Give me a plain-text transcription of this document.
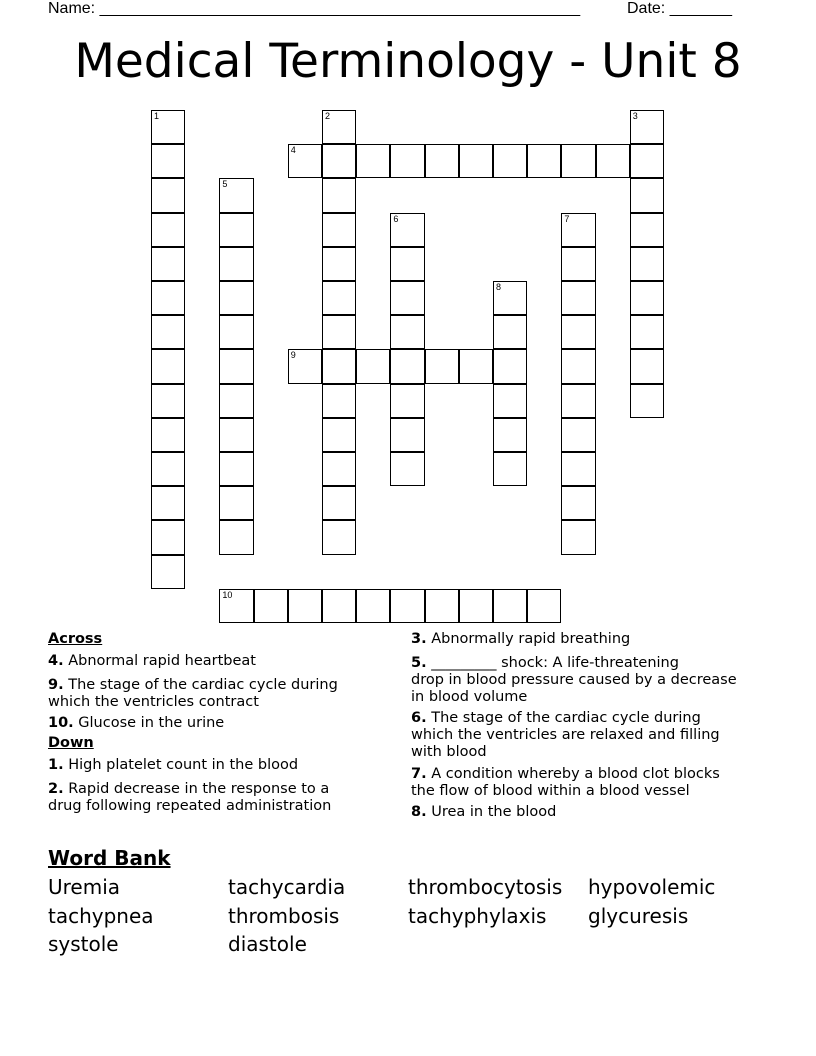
Name: ______________________________________________________	Date: _______
Medical Terminology - Unit 8
1	2	3
4
5
6	7
8
9
10
Across
4. Abnormal rapid heartbeat
9. The stage of the cardiac cycle during
which the ventricles contract
10. Glucose in the urine
Down
1. High platelet count in the blood
2. Rapid decrease in the response to a
drug following repeated administration
3. Abnormally rapid breathing
5. _________ shock: A life-threatening
drop in blood pressure caused by a decrease
in blood volume
6. The stage of the cardiac cycle during
which the ventricles are relaxed and filling
with blood
7. A condition whereby a blood clot blocks
the flow of blood within a blood vessel
8. Urea in the blood
Word Bank
Uremia	tachycardia	thrombocytosis hypovolemic
tachypnea	thrombosis	tachyphylaxis glycuresis
systole	diastole
